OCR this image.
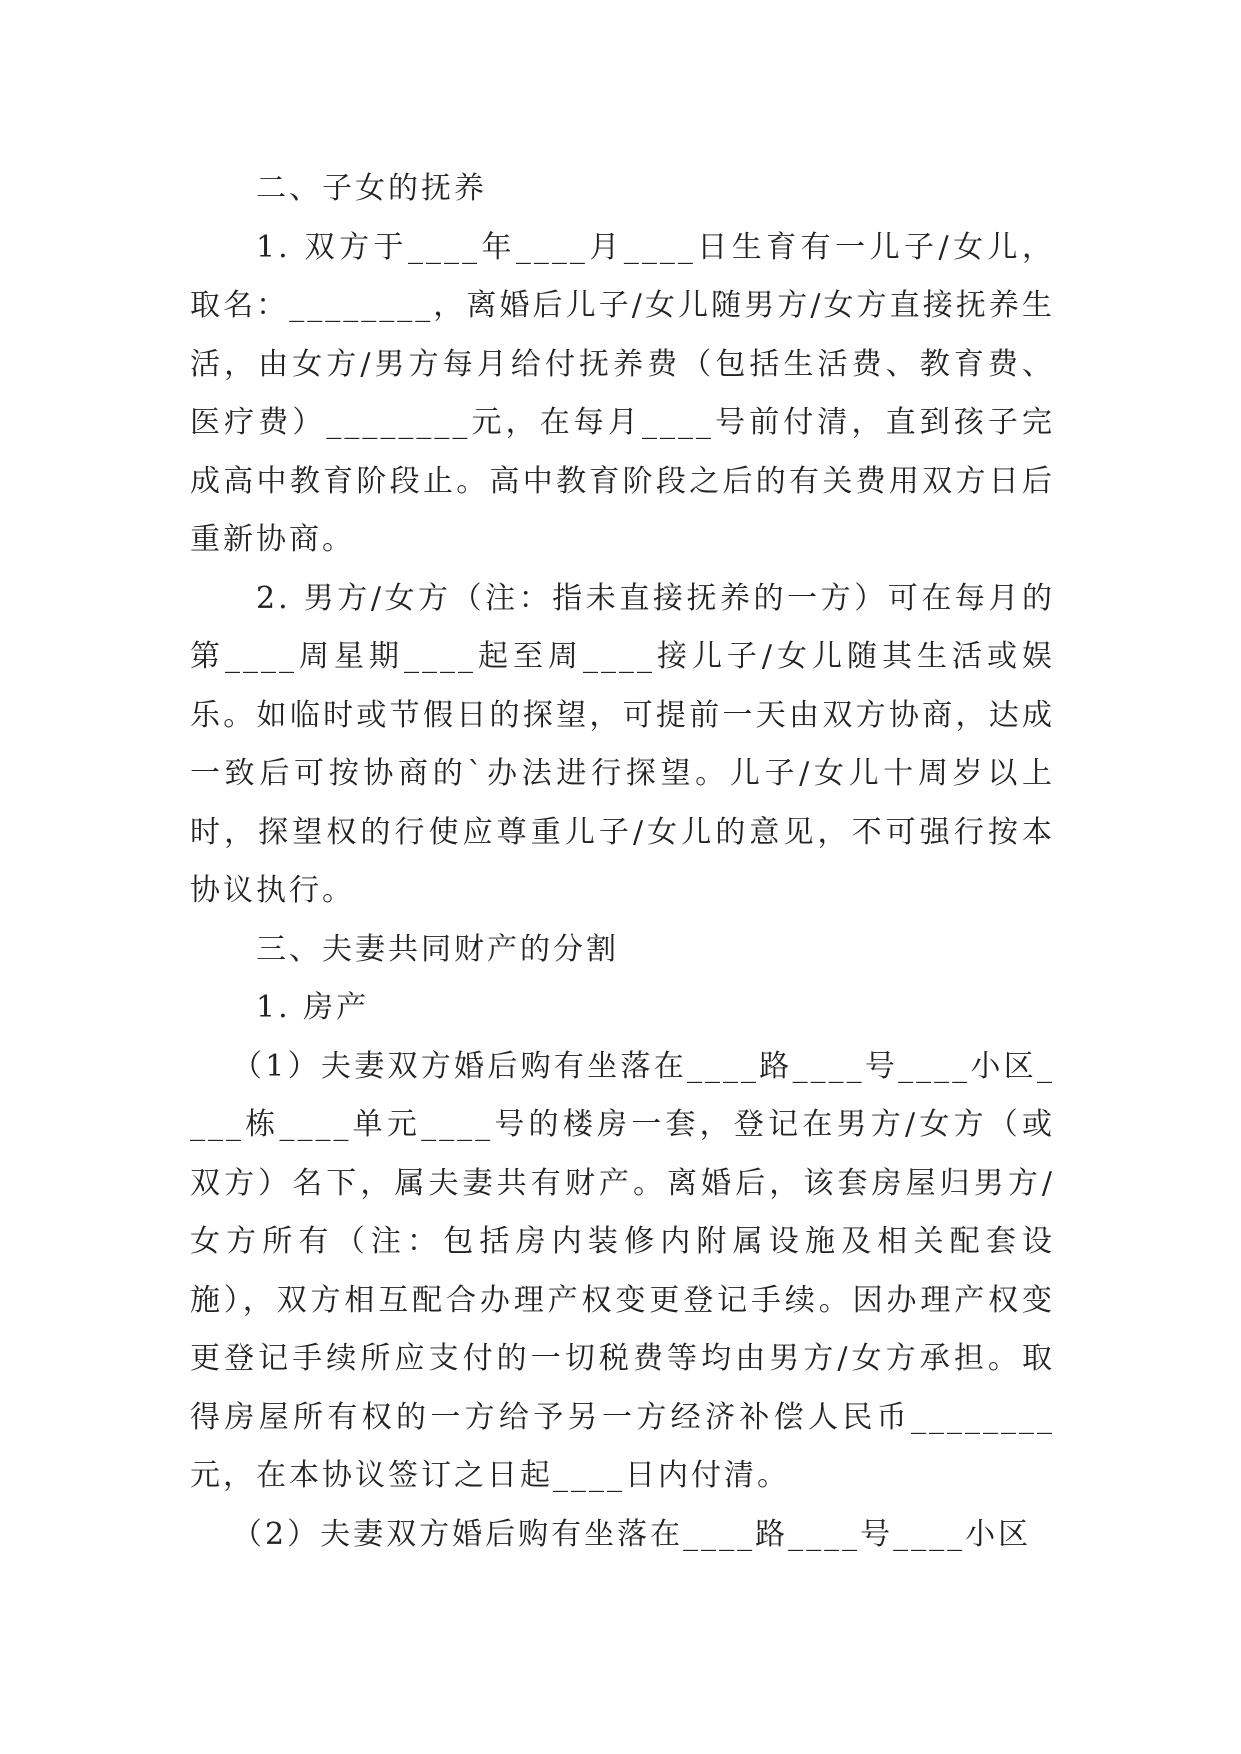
二、子女的抚养

1. 双方于____年____月____日生育有一儿子/女儿，取名：________，离婚后儿子/女儿随男方/女方直接抚养生活，由女方/男方每月给付抚养费（包括生活费、教育费、医疗费）________元，在每月____号前付清，直到孩子完成高中教育阶段止。高中教育阶段之后的有关费用双方日后重新协商。

2. 男方/女方（注：指未直接抚养的一方）可在每月的第____周星期____起至周____接儿子/女儿随其生活或娱乐。如临时或节假日的探望，可提前一天由双方协商，达成一致后可按协商的`办法进行探望。儿子/女儿十周岁以上时，探望权的行使应尊重儿子/女儿的意见，不可强行按本协议执行。

三、夫妻共同财产的分割

1. 房产

（1）夫妻双方婚后购有坐落在____路____号____小区____栋____单元____号的楼房一套，登记在男方/女方（或双方）名下，属夫妻共有财产。离婚后，该套房屋归男方/女方所有（注：包括房内装修内附属设施及相关配套设施），双方相互配合办理产权变更登记手续。因办理产权变更登记手续所应支付的一切税费等均由男方/女方承担。取得房屋所有权的一方给予另一方经济补偿人民币________元，在本协议签订之日起____日内付清。

（2）夫妻双方婚后购有坐落在____路____号____小区
